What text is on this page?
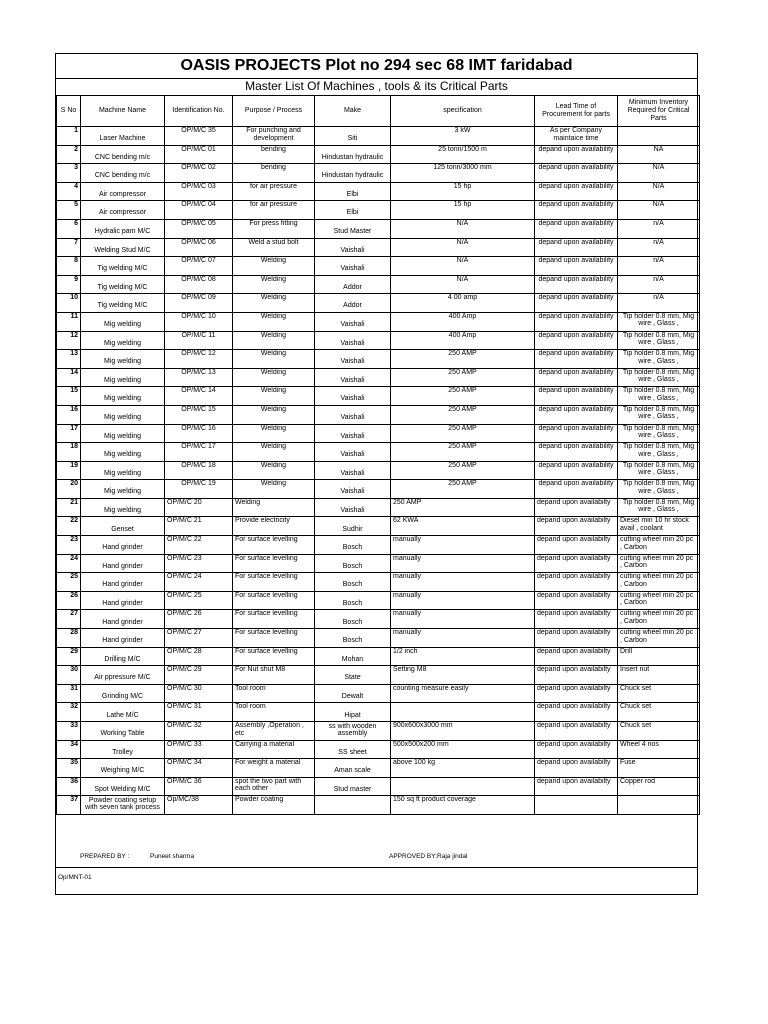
OASIS PROJECTS Plot no 294 sec 68 IMT faridabad
Master List Of Machines , tools & its Critical Parts
S No	Machine Name	Identification No.	Purpose / Process	Make	specification	Lead Time of Procurement for parts	Minimum Inventory Required for Critical Parts
1	Laser Machine	OP/M/C 35	For punching and development	Siti	3 kW	As per Company maintaice time	
2	CNC bending m/c	OP/M/C 01	bending	Hindustan hydraulic	25 tonn/1500 m	depand upon availability	NA
3	CNC bending m/c	OP/M/C 02	bending	Hindustan hydraulic	125 tonn/3000 mm	depand upon availability	N/A
4	Air compressor	OP/M/C 03	for air pressure	Elbi	15 hp	depand upon availability	N/A
5	Air compressor	OP/M/C 04	for air pressure	Elbi	15 hp	depand upon availability	N/A
6	Hydralic pam M/C	OP/M/C 05	For press fitting	Stud Master	N/A	depand upon availability	n/A
7	Welding Stud M/C	OP/M/C 06	Weld a stud bolt	Vaishali	N/A	depand upon availability	n/A
8	Tig welding M/C	OP/M/C 07	Welding	Vaishali	N/A	depand upon availability	n/A
9	Tig welding M/C	OP/M/C 08	Welding	Addor	N/A	depand upon availability	n/A
10	Tig welding M/C	OP/M/C 09	Welding	Addor	4 00 amp	depand upon availability	n/A
11	Mig welding	OP/M/C 10	Welding	Vaishali	400 Amp	depand upon availability	Tip holder 0.8 mm, Mig wire , Glass ,
12	Mig welding	OP/M/C 11	Welding	Vaishali	400 Amp	depand upon availability	Tip holder 0.8 mm, Mig wire , Glass ,
13	Mig welding	OP/M/C 12	Welding	Vaishali	250 AMP	depand upon availability	Tip holder 0.8 mm, Mig wire , Glass ,
14	Mig welding	OP/M/C 13	Welding	Vaishali	250 AMP	depand upon availability	Tip holder 0.8 mm, Mig wire , Glass ,
15	Mig welding	OP/M/C 14	Welding	Vaishali	250 AMP	depand upon availability	Tip holder 0.8 mm, Mig wire , Glass ,
16	Mig welding	OP/M/C 15	Welding	Vaishali	250 AMP	depand upon availability	Tip holder 0.8 mm, Mig wire , Glass ,
17	Mig welding	OP/M/C 16	Welding	Vaishali	250 AMP	depand upon availability	Tip holder 0.8 mm, Mig wire , Glass ,
18	Mig welding	OP/M/C 17	Welding	Vaishali	250 AMP	depand upon availability	Tip holder 0.8 mm, Mig wire , Glass ,
19	Mig welding	OP/M/C 18	Welding	Vaishali	250 AMP	depand upon availability	Tip holder 0.8 mm, Mig wire , Glass ,
20	Mig welding	OP/M/C 19	Welding	Vaishali	250 AMP	depand upon availability	Tip holder 0.8 mm, Mig wire , Glass ,
21	Mig welding	OP/M/C 20	Welding	Vaishali	250 AMP	depand upon availabilty	Tip holder 0.8 mm, Mig wire , Glass ,
22	Genset	OP/M/C 21	Provide electricity	Sudhir	62 KWA	depand upon availabilty	Diesel min 10 hr stock avail , coolant
23	Hand grinder	OP/M/C 22	For surface levelling	Bosch	manually	depand upon availabilty	cutting wheel min 20 pc , Carbon
24	Hand grinder	OP/M/C 23	For surface levelling	Bosch	manually	depand upon availabilty	cutting wheel min 20 pc , Carbon
25	Hand grinder	OP/M/C 24	For surface levelling	Bosch	manually	depand upon availabilty	cutting wheel min 20 pc , Carbon
26	Hand grinder	OP/M/C 25	For surface levelling	Bosch	manually	depand upon availabilty	cutting wheel min 20 pc , Carbon
27	Hand grinder	OP/M/C 26	For surface levelling	Bosch	manually	depand upon availabilty	cutting wheel min 20 pc , Carbon
28	Hand grinder	OP/M/C 27	For surface levelling	Bosch	manually	depand upon availabilty	cutting wheel min 20 pc , Carbon
29	Drilling M/C	OP/M/C 28	For surface levelling	Mohan	1/2 inch	depand upon availabilty	Drill
30	Air ppressure M/C	OP/M/C 29	For Nut shut M8	State	Setting M8	depand upon availabilty	Insert nut
31	Grinding M/C	OP/M/C 30	Tool room	Dewalt	counting measure easily	depand upon availabilty	Chuck set
32	Lathe M/C	OP/M/C 31	Tool room	Hipat		depand upon availabilty	Chuck set
33	Working Table	OP/M/C 32	Assembly ,Operation , etc	ss with wooden assembly	900x600x3000 mm	depand upon availabilty	Chuck set
34	Trolley	OP/M/C 33	Carrying a material	SS sheet	500x500x200 mm	depand upon availabilty	Wheel 4 nos
35	Weighing M/C	OP/M/C 34	For weight a material	Aman scale	above 100 kg	depand upon availabilty	Fuse
36	Spot Welding M/C	OP/M/C 36	spot the two part with each other	Stud master		depand upon availabilty	Copper rod
37	Powder coating setup with seven tank process	Op/MC/38	Powder coating		150 sq ft product coverage		
PREPARED BY :	Puneet sharma	APPROVED BY:Raja jindal
Op/MNT-01
